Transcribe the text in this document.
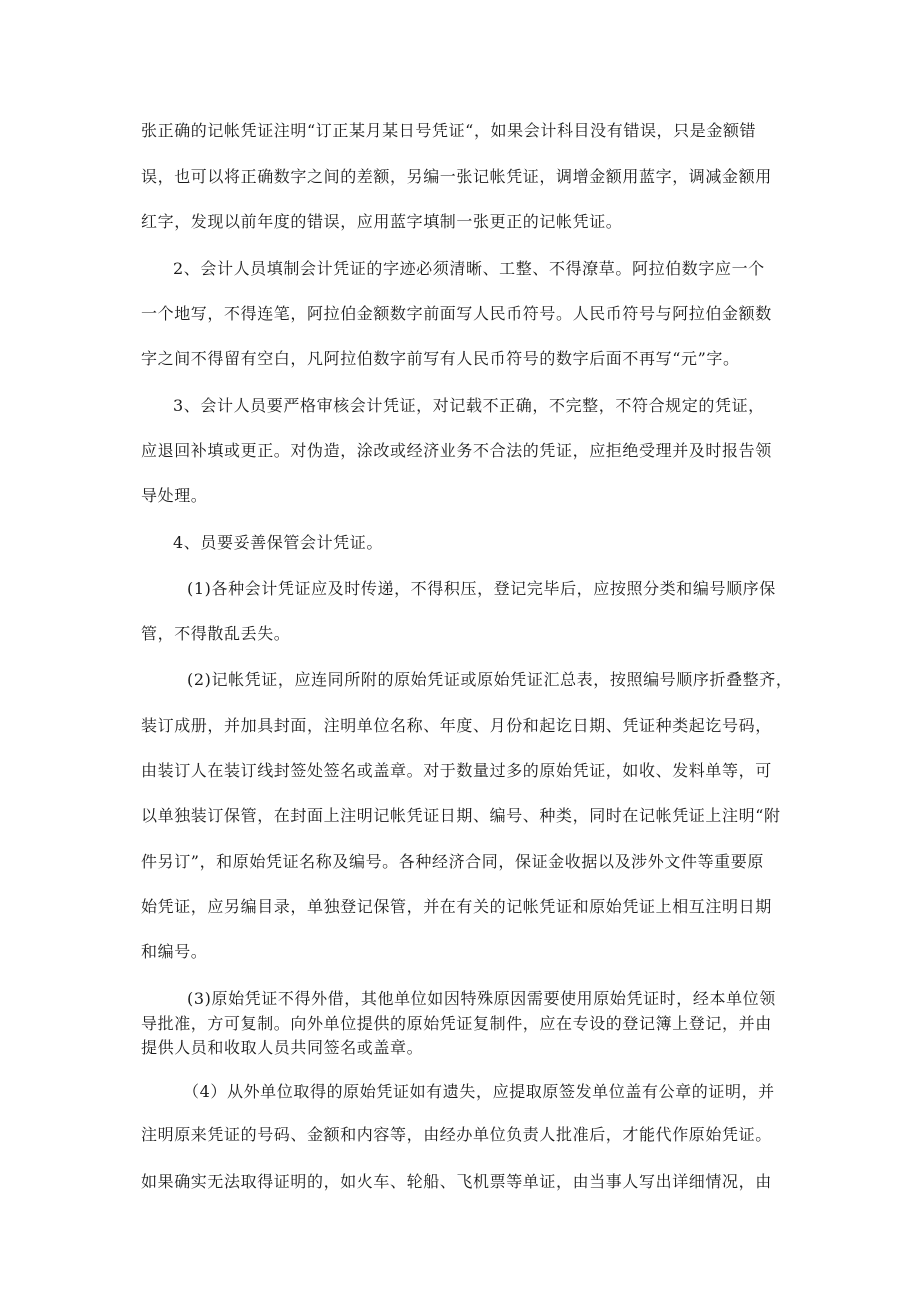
张正确的记帐凭证注明“订正某月某日号凭证“，如果会计科目没有错误，只是金额错
误，也可以将正确数字之间的差额，另编一张记帐凭证，调增金额用蓝字，调减金额用
红字，发现以前年度的错误，应用蓝字填制一张更正的记帐凭证。
2、会计人员填制会计凭证的字迹必须清晰、工整、不得潦草。阿拉伯数字应一个
一个地写，不得连笔，阿拉伯金额数字前面写人民币符号。人民币符号与阿拉伯金额数
字之间不得留有空白，凡阿拉伯数字前写有人民币符号的数字后面不再写“元”字。
3、会计人员要严格审核会计凭证，对记载不正确，不完整，不符合规定的凭证，
应退回补填或更正。对伪造，涂改或经济业务不合法的凭证，应拒绝受理并及时报告领
导处理。
4、员要妥善保管会计凭证。
(1)各种会计凭证应及时传递，不得积压，登记完毕后，应按照分类和编号顺序保
管，不得散乱丢失。
(2)记帐凭证，应连同所附的原始凭证或原始凭证汇总表，按照编号顺序折叠整齐，
装订成册，并加具封面，注明单位名称、年度、月份和起讫日期、凭证种类起讫号码，
由装订人在装订线封签处签名或盖章。对于数量过多的原始凭证，如收、发料单等，可
以单独装订保管，在封面上注明记帐凭证日期、编号、种类，同时在记帐凭证上注明“附
件另订”，和原始凭证名称及编号。各种经济合同，保证金收据以及涉外文件等重要原
始凭证，应另编目录，单独登记保管，并在有关的记帐凭证和原始凭证上相互注明日期
和编号。
(3)原始凭证不得外借，其他单位如因特殊原因需要使用原始凭证时，经本单位领
导批准，方可复制。向外单位提供的原始凭证复制件，应在专设的登记簿上登记，并由
提供人员和收取人员共同签名或盖章。
（4）从外单位取得的原始凭证如有遗失，应提取原签发单位盖有公章的证明，并
注明原来凭证的号码、金额和内容等，由经办单位负责人批准后，才能代作原始凭证。
如果确实无法取得证明的，如火车、轮船、飞机票等单证，由当事人写出详细情况，由
